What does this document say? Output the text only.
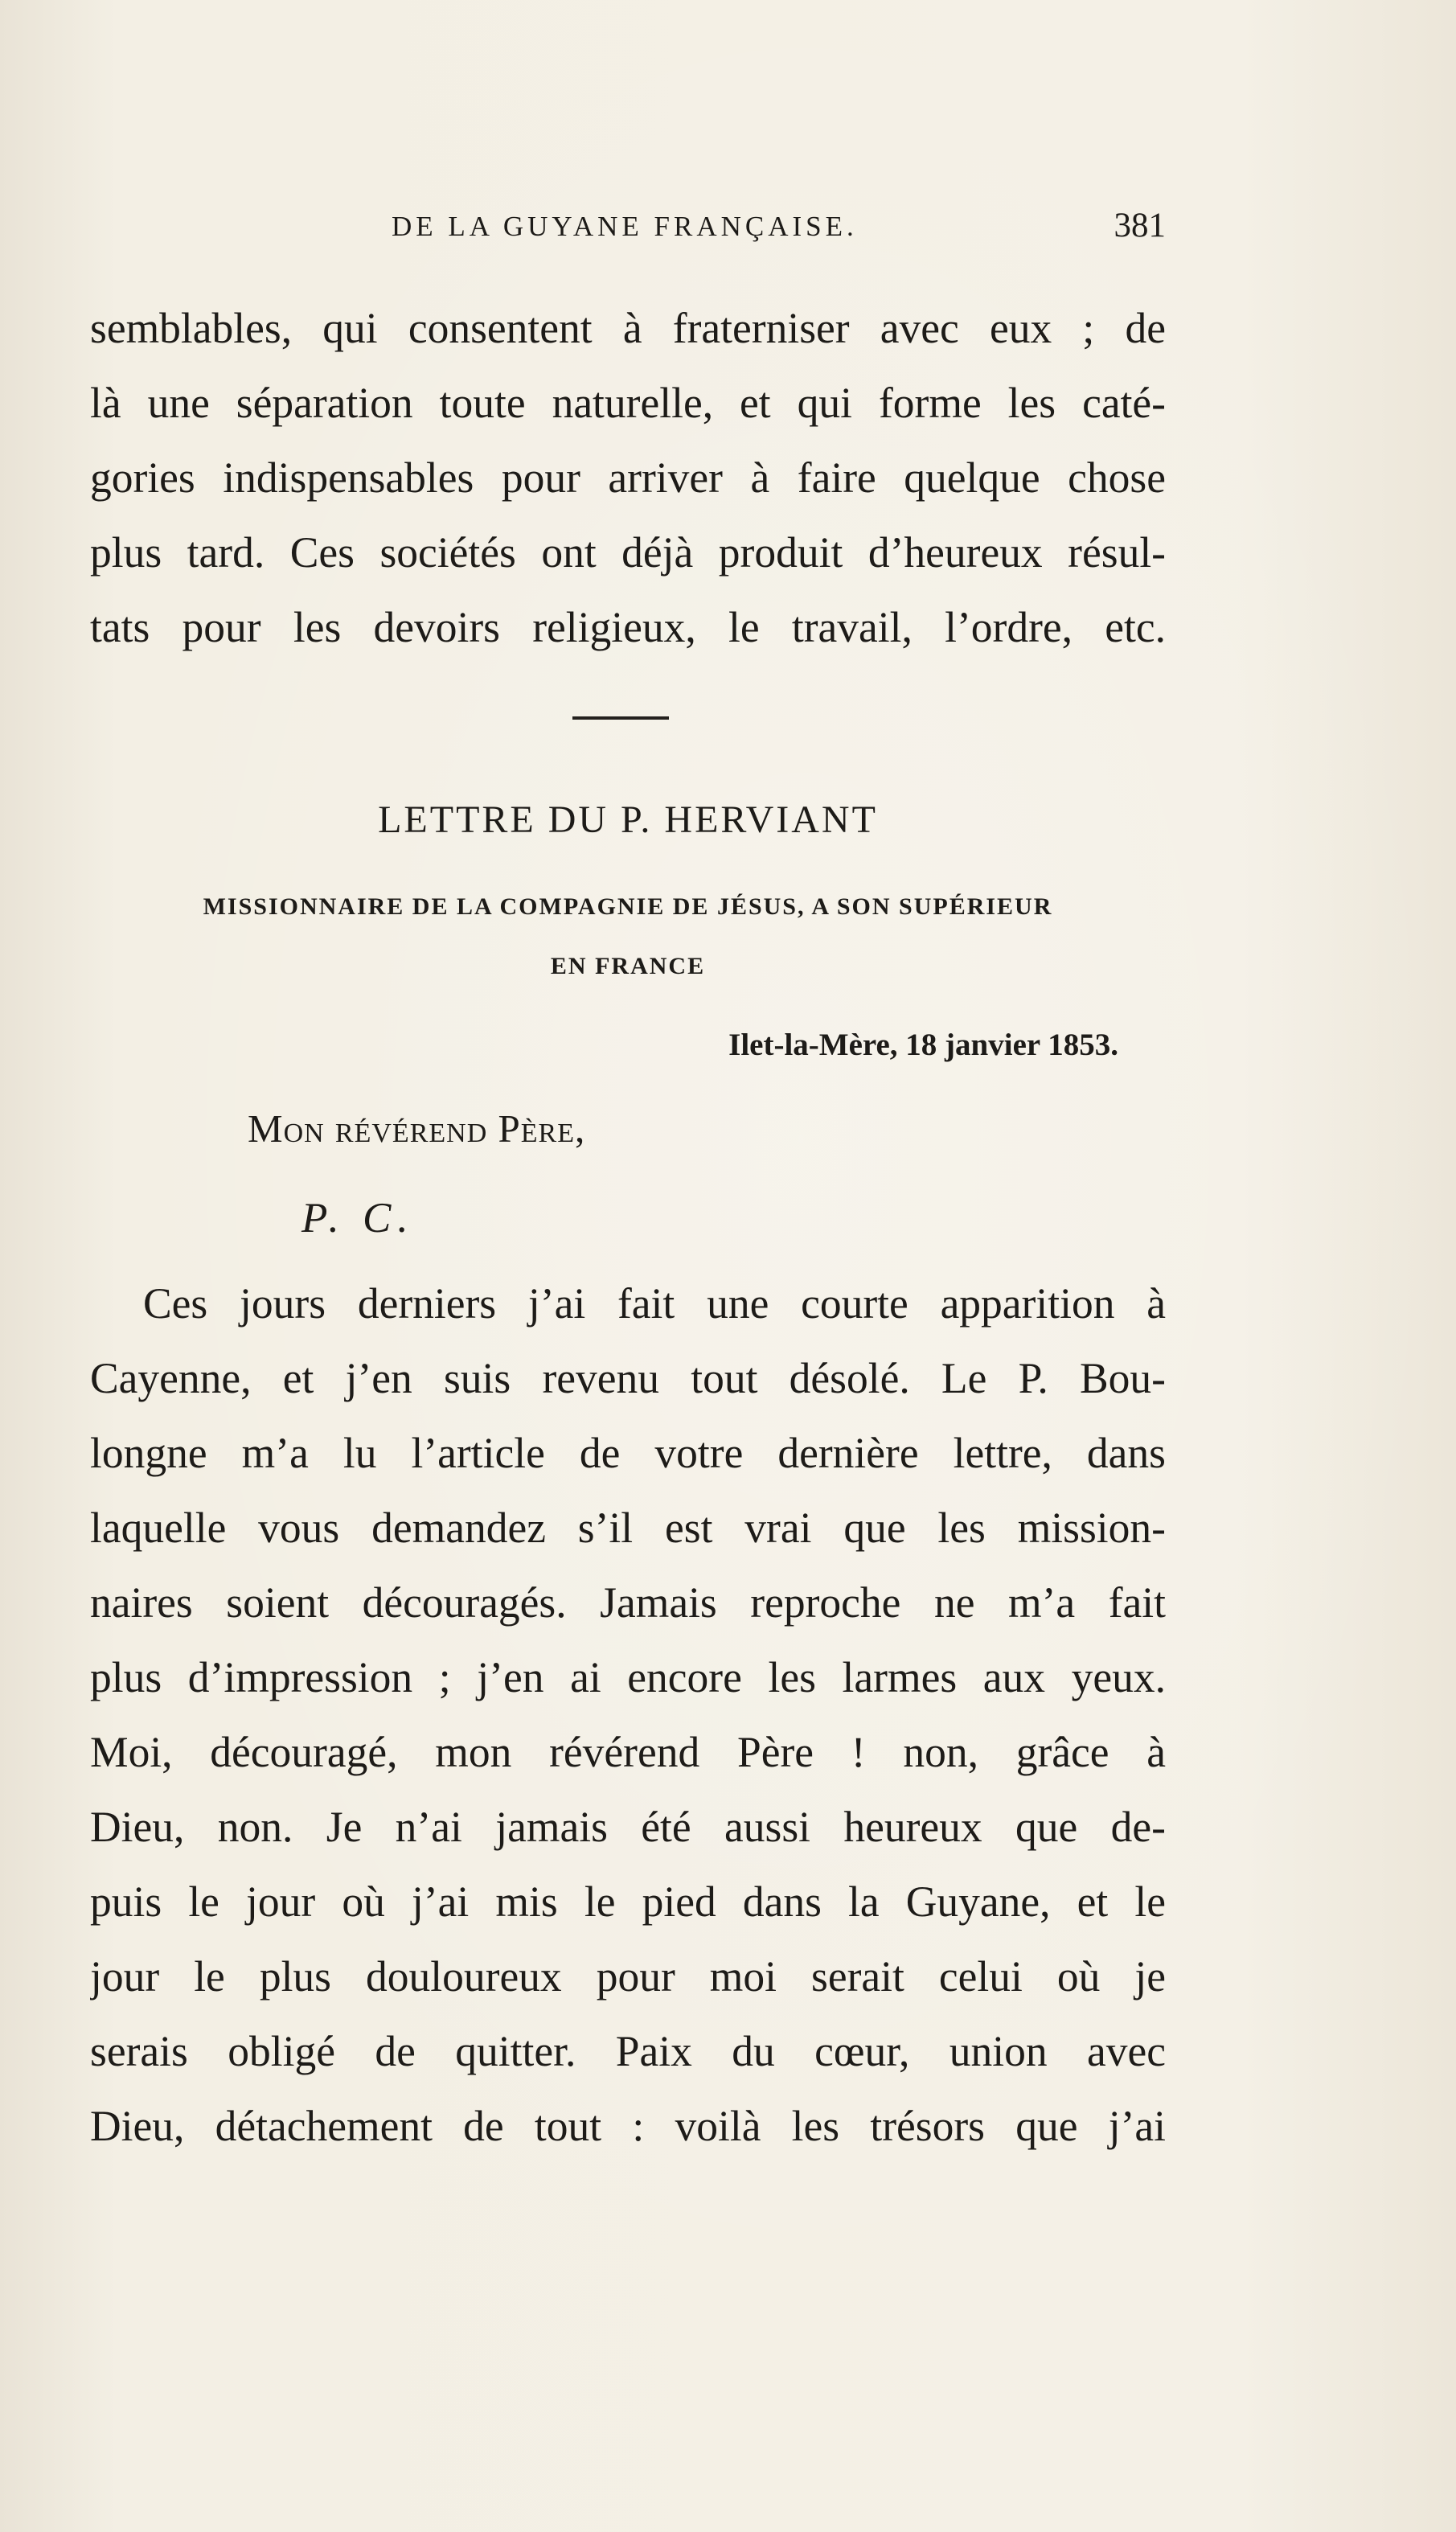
DE LA GUYANE FRANÇAISE.	381
semblables, qui consentent à fraterniser avec eux ; de
là une séparation toute naturelle, et qui forme les caté-
gories indispensables pour arriver à faire quelque chose
plus tard. Ces sociétés ont déjà produit d’heureux résul-
tats pour les devoirs religieux, le travail, l’ordre, etc.
LETTRE DU P. HERVIANT
MISSIONNAIRE DE LA COMPAGNIE DE JÉSUS, A SON SUPÉRIEUR
EN FRANCE
Ilet-la-Mère, 18 janvier 1853.
Mon révérend Père,
P. C.
Ces jours derniers j’ai fait une courte apparition à
Cayenne, et j’en suis revenu tout désolé. Le P. Bou-
longne m’a lu l’article de votre dernière lettre, dans
laquelle vous demandez s’il est vrai que les mission-
naires soient découragés. Jamais reproche ne m’a fait
plus d’impression ; j’en ai encore les larmes aux yeux.
Moi, découragé, mon révérend Père ! non, grâce à
Dieu, non. Je n’ai jamais été aussi heureux que de-
puis le jour où j’ai mis le pied dans la Guyane, et le
jour le plus douloureux pour moi serait celui où je
serais obligé de quitter. Paix du cœur, union avec
Dieu, détachement de tout : voilà les trésors que j’ai
